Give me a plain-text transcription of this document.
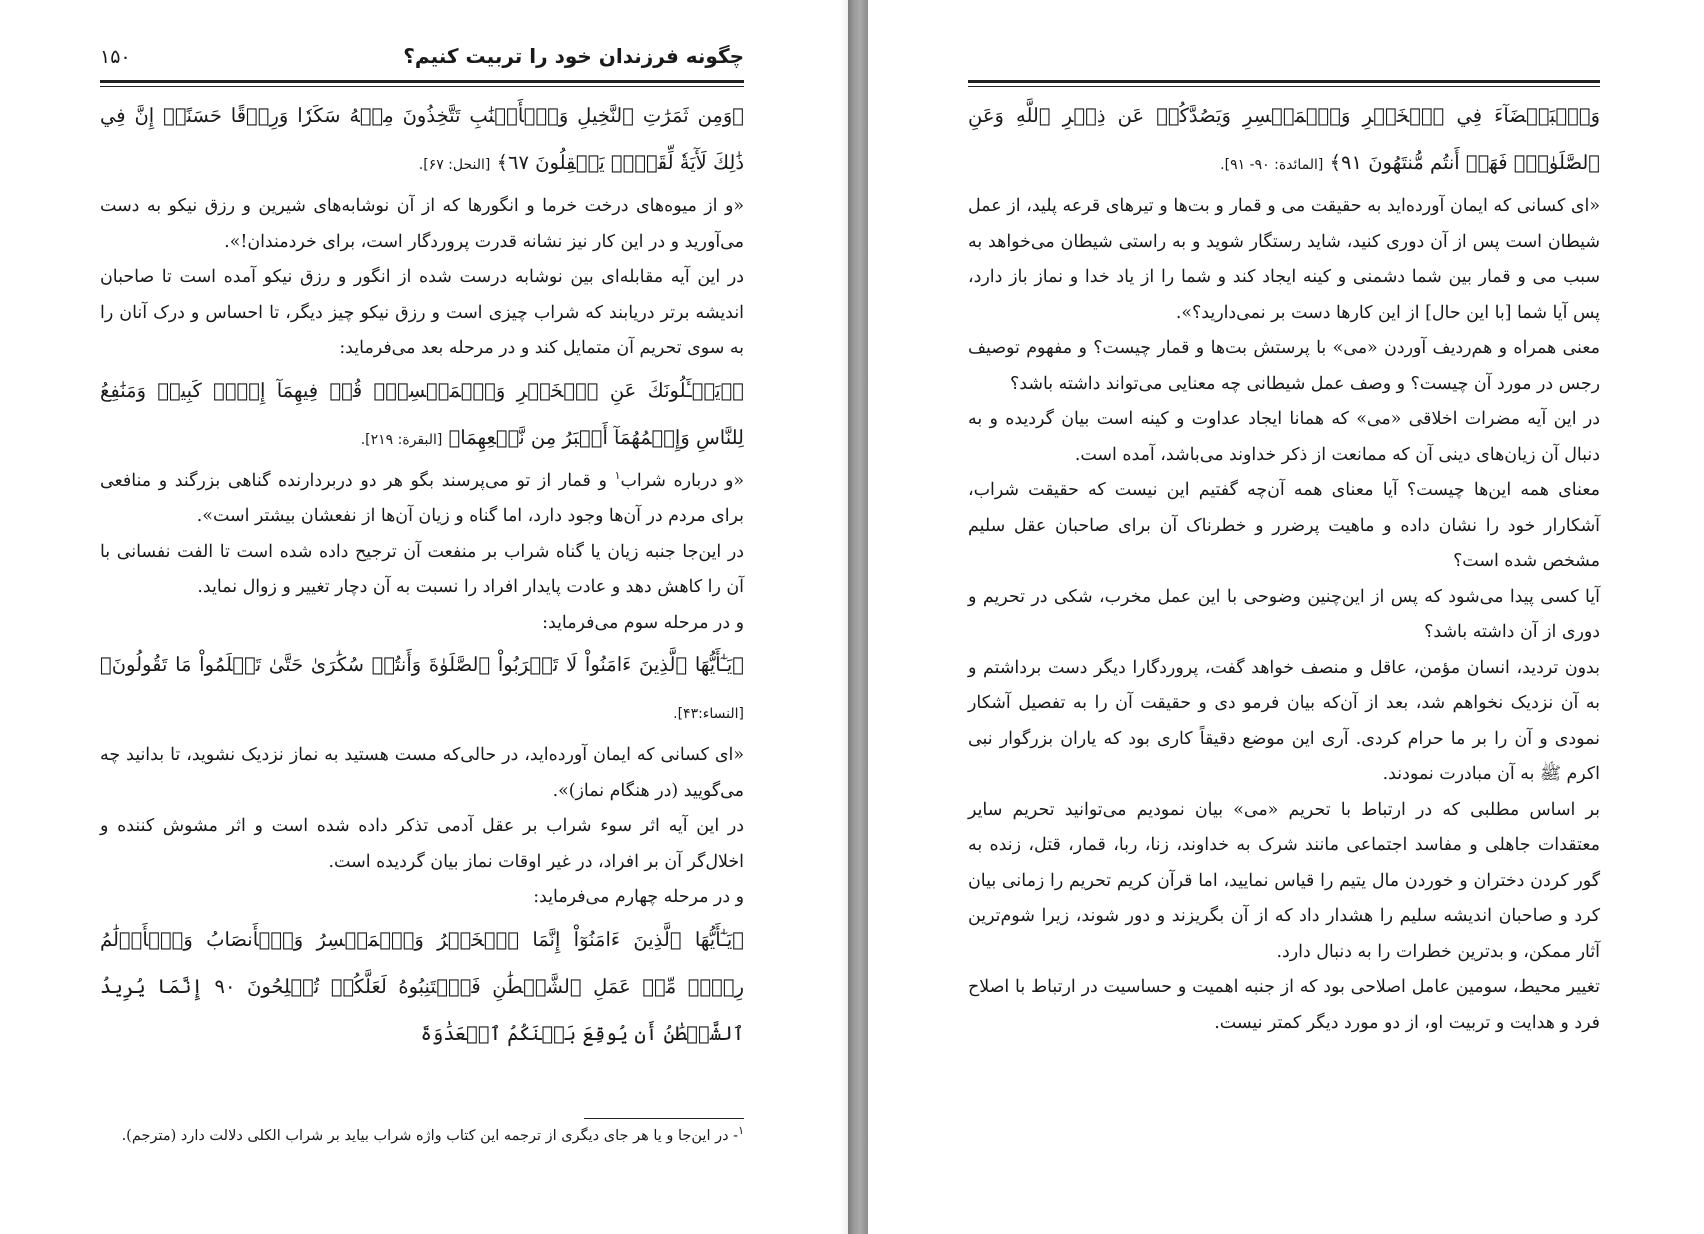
چگونه فرزندان خود را تربیت کنیم؟
۱۵۰

﴿وَمِن ثَمَرَٰتِ ٱلنَّخِيلِ وَٱلۡأَعۡنَٰبِ تَتَّخِذُونَ مِنۡهُ سَكَرٗا وَرِزۡقًا حَسَنًاۚ إِنَّ فِي ذَٰلِكَ لَأٓيَةٗ لِّقَوۡمٖ يَعۡقِلُونَ ٦٧﴾ [النحل: ۶۷].

«و از میوه‌های درخت خرما و انگورها که از آن نوشابه‌های شیرین و رزق نیکو به دست می‌آورید و در این کار نیز نشانه قدرت پروردگار است، برای خردمندان!».

در این آیه مقابله‌ای بین نوشابه درست شده از انگور و رزق نیکو آمده است تا صاحبان اندیشه برتر دریابند که شراب چیزی است و رزق نیکو چیز دیگر، تا احساس و درک آنان را به سوی تحریم آن متمایل کند و در مرحله بعد می‌فرماید:

﴿۞يَسۡـَٔلُونَكَ عَنِ ٱلۡخَمۡرِ وَٱلۡمَيۡسِرِۖ قُلۡ فِيهِمَآ إِثۡمٞ كَبِيرٞ وَمَنَٰفِعُ لِلنَّاسِ وَإِثۡمُهُمَآ أَكۡبَرُ مِن نَّفۡعِهِمَا﴾ [البقرة: ۲۱۹].

«و درباره شراب$^۱$ و قمار از تو می‌پرسند بگو هر دو دربردارنده گناهی بزرگند و منافعی برای مردم در آن‌ها وجود دارد، اما گناه و زیان آن‌ها از نفعشان بیشتر است».

در این‌جا جنبه زیان یا گناه شراب بر منفعت آن ترجیح داده شده است تا الفت نفسانی با آن را کاهش دهد و عادت پایدار افراد را نسبت به آن دچار تغییر و زوال نماید.

و در مرحله سوم می‌فرماید:

﴿يَـٰٓأَيُّهَا ٱلَّذِينَ ءَامَنُواْ لَا تَقۡرَبُواْ ٱلصَّلَوٰةَ وَأَنتُمۡ سُكَٰرَىٰ حَتَّىٰ تَعۡلَمُواْ مَا تَقُولُونَ﴾ [النساء:۴۳].

«ای کسانی که ایمان آورده‌اید، در حالی‌که مست هستید به نماز نزدیک نشوید، تا بدانید چه می‌گویید (در هنگام نماز)».

در این آیه اثر سوء شراب بر عقل آدمی تذکر داده شده است و اثر مشوش کننده و اخلال‌گر آن بر افراد، در غیر اوقات نماز بیان گردیده است.

و در مرحله چهارم می‌فرماید:

﴿يَـٰٓأَيُّهَا ٱلَّذِينَ ءَامَنُوٓاْ إِنَّمَا ٱلۡخَمۡرُ وَٱلۡمَيۡسِرُ وَٱلۡأَنصَابُ وَٱلۡأَزۡلَٰمُ رِجۡسٞ مِّنۡ عَمَلِ ٱلشَّيۡطَٰنِ فَٱجۡتَنِبُوهُ لَعَلَّكُمۡ تُفۡلِحُونَ ٩٠ إِنَّمَا يُرِيدُ ٱلشَّيۡطَٰنُ أَن يُوقِعَ بَيۡنَكُمُ ٱلۡعَدَٰوَةَ

$^۱$- در این‌جا و یا هر جای دیگری از ترجمه این کتاب واژه شراب بیاید بر شراب الکلی دلالت دارد (مترجم).

وَٱلۡبَغۡضَآءَ فِي ٱلۡخَمۡرِ وَٱلۡمَيۡسِرِ وَيَصُدَّكُمۡ عَن ذِكۡرِ ٱللَّهِ وَعَنِ ٱلصَّلَوٰةِۖ فَهَلۡ أَنتُم مُّنتَهُونَ ٩١﴾ [المائدة: ۹۰- ۹۱].

«ای کسانی که ایمان آورده‌اید به حقیقت می و قمار و بت‌ها و تیرهای قرعه پلید، از عمل شیطان است پس از آن دوری کنید، شاید رستگار شوید و به راستی شیطان می‌خواهد به سبب می و قمار بین شما دشمنی و کینه ایجاد کند و شما را از یاد خدا و نماز باز دارد، پس آیا شما [با این حال] از این کارها دست بر نمی‌دارید؟».

معنی همراه و هم‌ردیف آوردن «می» با پرستش بت‌ها و قمار چیست؟ و مفهوم توصیف رجس در مورد آن چیست؟ و وصف عمل شیطانی چه معنایی می‌تواند داشته باشد؟

در این آیه مضرات اخلاقی «می» که همانا ایجاد عداوت و کینه است بیان گردیده و به دنبال آن زیان‌های دینی آن که ممانعت از ذکر خداوند می‌باشد، آمده است.

معنای همه این‌ها چیست؟ آیا معنای همه آن‌چه گفتیم این نیست که حقیقت شراب، آشکارار خود را نشان داده و ماهیت پرضرر و خطرناک آن برای صاحبان عقل سلیم مشخص شده است؟

آیا کسی پیدا می‌شود که پس از این‌چنین وضوحی با این عمل مخرب، شکی در تحریم و دوری از آن داشته باشد؟

بدون تردید، انسان مؤمن، عاقل و منصف خواهد گفت، پروردگارا دیگر دست برداشتم و به آن نزدیک نخواهم شد، بعد از آن‌که بیان فرمو دی و حقیقت آن را به تفصیل آشکار نمودی و آن را بر ما حرام کردی. آری این موضع دقیقاً کاری بود که یاران بزرگوار نبی اکرم ﷺ به آن مبادرت نمودند.

بر اساس مطلبی که در ارتباط با تحریم «می» بیان نمودیم می‌توانید تحریم سایر معتقدات جاهلی و مفاسد اجتماعی مانند شرک به خداوند، زنا، ربا، قمار، قتل، زنده به گور کردن دختران و خوردن مال یتیم را قیاس نمایید، اما قرآن کریم تحریم را زمانی بیان کرد و صاحبان اندیشه سلیم را هشدار داد که از آن بگریزند و دور شوند، زیرا شوم‌ترین آثار ممکن، و بدترین خطرات را به دنبال دارد.

تغییر محیط، سومین عامل اصلاحی بود که از جنبه اهمیت و حساسیت در ارتباط با اصلاح فرد و هدایت و تربیت او، از دو مورد دیگر کمتر نیست.
